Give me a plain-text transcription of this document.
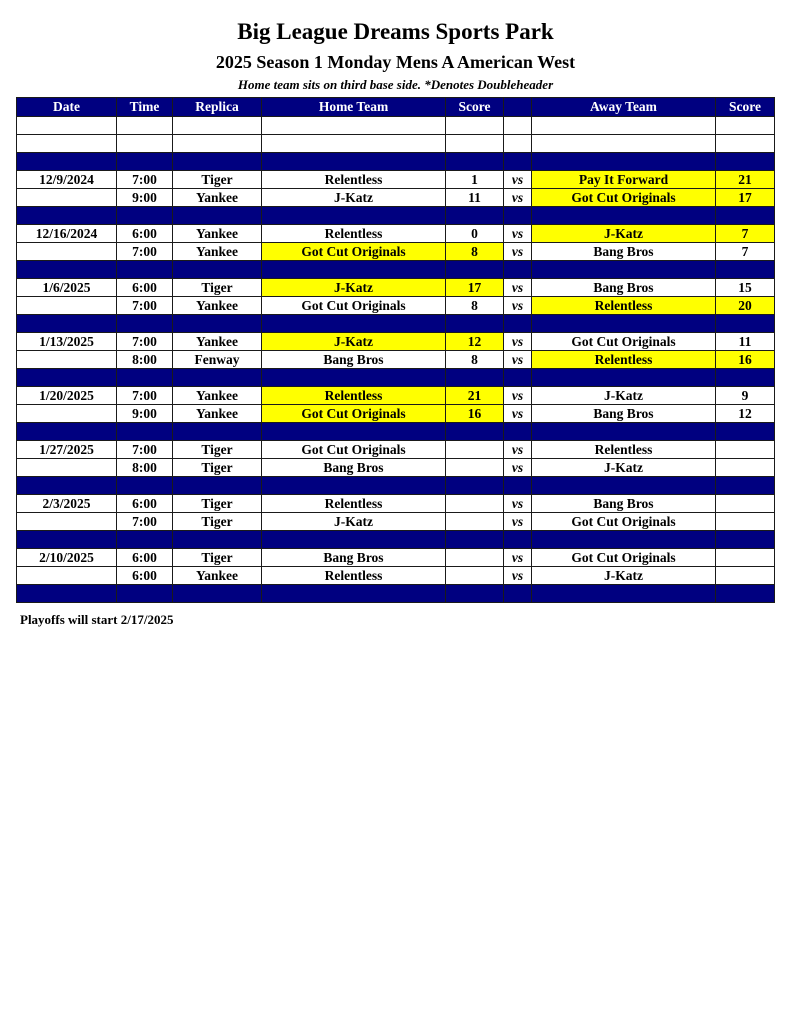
Big League Dreams Sports Park
2025 Season 1 Monday Mens A American West
Home team sits on third base side. *Denotes Doubleheader
Date	Time	Replica	Home Team	Score		Away Team	Score

12/9/2024	7:00	Tiger	Relentless	1	vs	Pay It Forward	21
	9:00	Yankee	J-Katz	11	vs	Got Cut Originals	17

12/16/2024	6:00	Yankee	Relentless	0	vs	J-Katz	7
	7:00	Yankee	Got Cut Originals	8	vs	Bang Bros	7

1/6/2025	6:00	Tiger	J-Katz	17	vs	Bang Bros	15
	7:00	Yankee	Got Cut Originals	8	vs	Relentless	20

1/13/2025	7:00	Yankee	J-Katz	12	vs	Got Cut Originals	11
	8:00	Fenway	Bang Bros	8	vs	Relentless	16

1/20/2025	7:00	Yankee	Relentless	21	vs	J-Katz	9
	9:00	Yankee	Got Cut Originals	16	vs	Bang Bros	12

1/27/2025	7:00	Tiger	Got Cut Originals		vs	Relentless	
	8:00	Tiger	Bang Bros		vs	J-Katz	

2/3/2025	6:00	Tiger	Relentless		vs	Bang Bros	
	7:00	Tiger	J-Katz		vs	Got Cut Originals	

2/10/2025	6:00	Tiger	Bang Bros		vs	Got Cut Originals	
	6:00	Yankee	Relentless		vs	J-Katz	

Playoffs will start 2/17/2025
